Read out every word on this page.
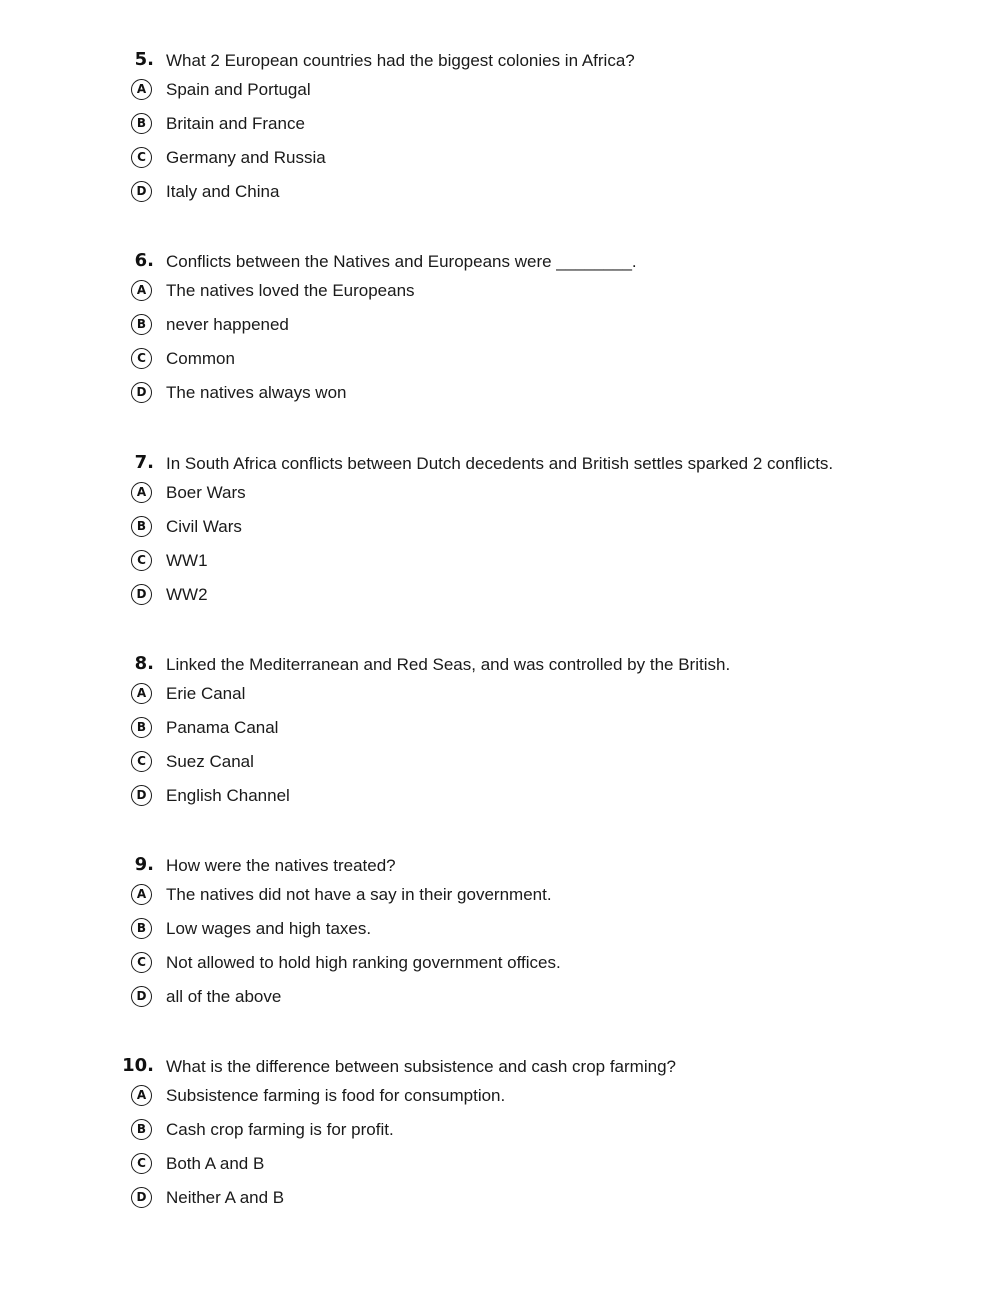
5. What 2 European countries had the biggest colonies in Africa?
A	Spain and Portugal
B	Britain and France
C	Germany and Russia
D	Italy and China
6. Conflicts between the Natives and Europeans were ________.
A	The natives loved the Europeans
B	never happened
C	Common
D	The natives always won
7. In South Africa conflicts between Dutch decedents and British settles sparked 2 conflicts.
A	Boer Wars
B	Civil Wars
C	WW1
D	WW2
8. Linked the Mediterranean and Red Seas, and was controlled by the British.
A	Erie Canal
B	Panama Canal
C	Suez Canal
D	English Channel
9. How were the natives treated?
A	The natives did not have a say in their government.
B	Low wages and high taxes.
C	Not allowed to hold high ranking government offices.
D	all of the above
10. What is the difference between subsistence and cash crop farming?
A	Subsistence farming is food for consumption.
B	Cash crop farming is for profit.
C	Both A and B
D	Neither A and B
